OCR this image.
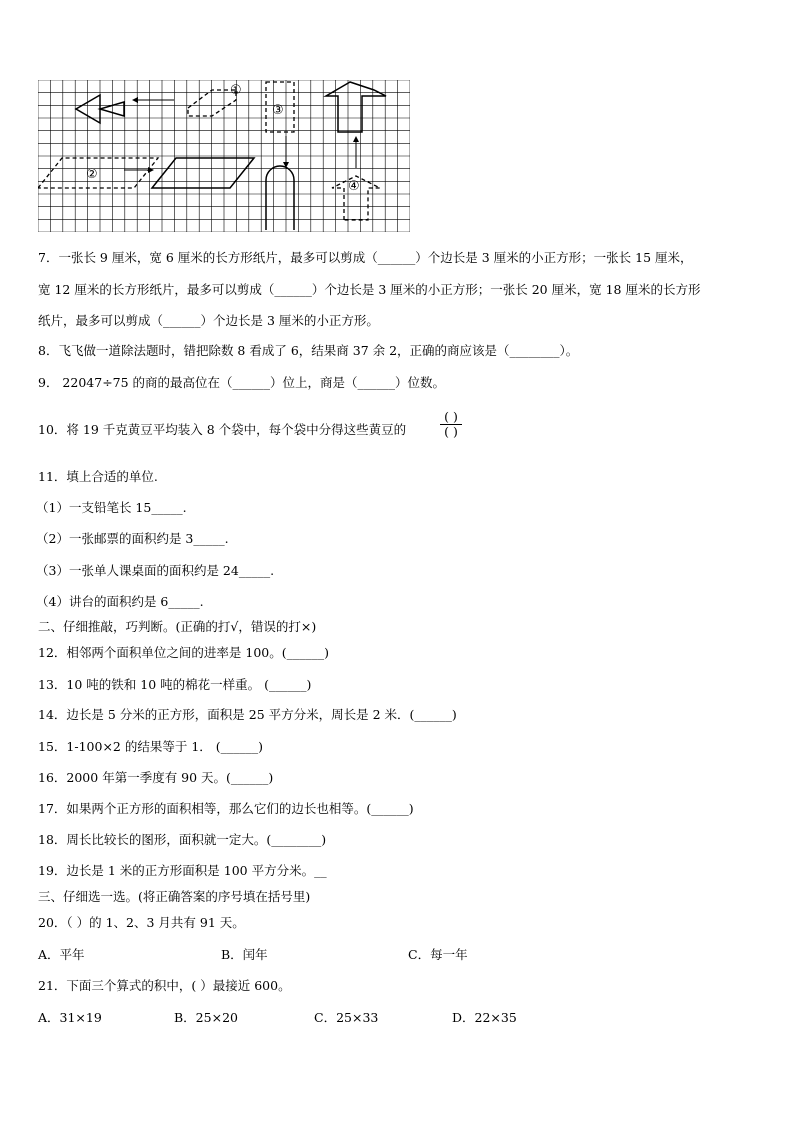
①
②
③
④
7．一张长 9 厘米，宽 6 厘米的长方形纸片，最多可以剪成（______）个边长是 3 厘米的小正方形；一张长 15 厘米，
宽 12 厘米的长方形纸片，最多可以剪成（______）个边长是 3 厘米的小正方形；一张长 20 厘米，宽 18 厘米的长方形
纸片，最多可以剪成（______）个边长是 3 厘米的小正方形。
8．飞飞做一道除法题时，错把除数 8 看成了 6，结果商 37 余 2，正确的商应该是（________）。
9． 22047÷75 的商的最高位在（______）位上，商是（______）位数。
10．将 19 千克黄豆平均装入 8 个袋中，每个袋中分得这些黄豆的
( )
( )
11．填上合适的单位.
（1）一支铅笔长 15_____.
（2）一张邮票的面积约是 3_____.
（3）一张单人课桌面的面积约是 24_____.
（4）讲台的面积约是 6_____.
二、仔细推敲，巧判断。(正确的打√，错误的打×)
12．相邻两个面积单位之间的进率是 100。(______)
13．10 吨的铁和 10 吨的棉花一样重。 (______)
14．边长是 5 分米的正方形，面积是 25 平方分米，周长是 2 米．(______)
15．1-100×2 的结果等于 1． (______)
16．2000 年第一季度有 90 天。(______)
17．如果两个正方形的面积相等，那么它们的边长也相等。(______)
18．周长比较长的图形，面积就一定大。(________)
19．边长是 1 米的正方形面积是 100 平方分米。__
三、仔细选一选。(将正确答案的序号填在括号里)
20．（ ）的 1、2、3 月共有 91 天。
A．平年	B．闰年	C．每一年
21．下面三个算式的积中，( ）最接近 600。
A．31×19	B．25×20	C．25×33	D．22×35
